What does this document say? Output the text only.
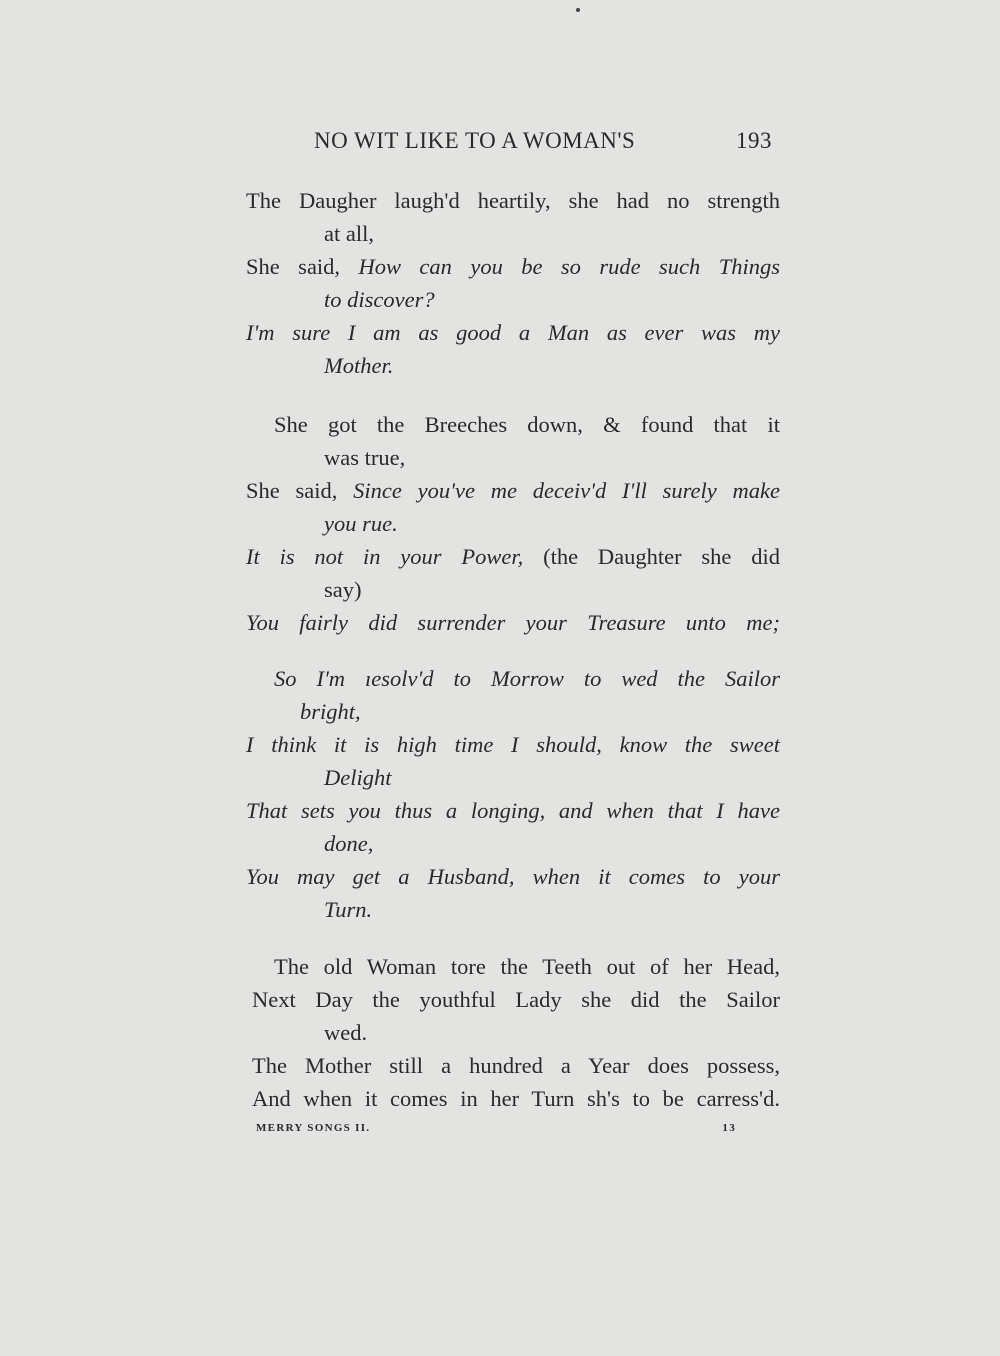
NO WIT LIKE TO A WOMAN'S	193
The Daugher laugh'd heartily, she had no strength
at all,
She said, How can you be so rude such Things
to discover?
I'm sure I am as good a Man as ever was my
Mother.
She got the Breeches down, & found that it
was true,
She said, Since you've me deceiv'd I'll surely make
you rue.
It is not in your Power, (the Daughter she did
say)
You fairly did surrender your Treasure unto me;
So I'm ıesolv'd to Morrow to wed the Sailor
bright,
I think it is high time I should, know the sweet
Delight
That sets you thus a longing, and when that I have
done,
You may get a Husband, when it comes to your
Turn.
The old Woman tore the Teeth out of her Head,
Next Day the youthful Lady she did the Sailor
wed.
The Mother still a hundred a Year does possess,
And when it comes in her Turn sh's to be carress'd.
MERRY SONGS II.	13
